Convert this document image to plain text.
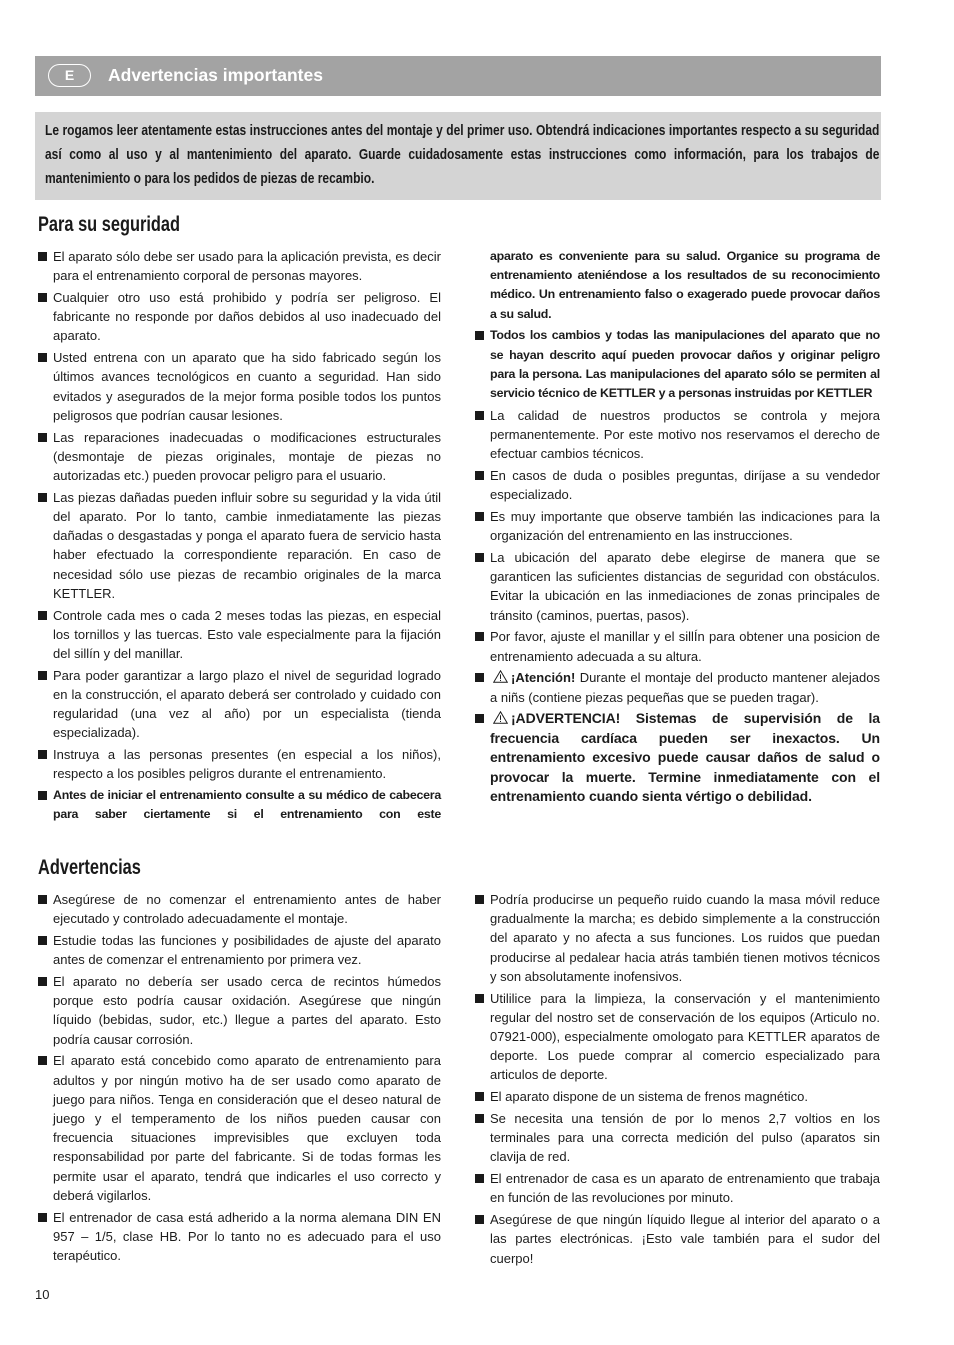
E	Advertencias importantes
Le rogamos leer atentamente estas instrucciones antes del montaje y del primer uso. Obtendrá indicaciones importantes respecto a su seguridad así como al uso y al mantenimiento del aparato. Guarde cuidadosamente estas instrucciones como información, para los trabajos de mantenimiento o para los pedidos de piezas de recambio.
Para su seguridad

El aparato sólo debe ser usado para la aplicación prevista, es decir para el entrenamiento corporal de personas mayores.

Cualquier otro uso está prohibido y podría ser peligroso. El fabricante no responde por daños debidos al uso inadecuado del aparato.

Usted entrena con un aparato que ha sido fabricado según los últimos avances tecnológicos en cuanto a seguridad. Han sido evitados y asegurados de la mejor forma posible todos los puntos peligrosos que podrían causar lesiones.

Las reparaciones inadecuadas o modificaciones estructurales (desmontaje de piezas originales, montaje de piezas no autorizadas etc.) pueden provocar peligro para el usuario.

Las piezas dañadas pueden influir sobre su seguridad y la vida útil del aparato. Por lo tanto, cambie inmediatamente las piezas dañadas o desgastadas y ponga el aparato fuera de servicio hasta haber efectuado la correspondiente reparación. En caso de necesidad sólo use piezas de recambio originales de la marca KETTLER.

Controle cada mes o cada 2 meses todas las piezas, en especial los tornillos y las tuercas. Esto vale especialmente para la fijación del sillín y del manillar.

Para poder garantizar a largo plazo el nivel de seguridad logrado en la construcción, el aparato deberá ser controlado y cuidado con regularidad (una vez al año) por un especialista (tienda especializada).

Instruya a las personas presentes (en especial a los niños), respecto a los posibles peligros durante el entrenamiento.

Antes de iniciar el entrenamiento consulte a su médico de cabecera para saber ciertamente si el entrenamiento con este

aparato es conveniente para su salud. Organice su programa de entrenamiento ateniéndose a los resultados de su reconocimiento médico. Un entrenamiento falso o exagerado puede provocar daños a su salud.

Todos los cambios y todas las manipulaciones del aparato que no se hayan descrito aquí pueden provocar daños y originar peligro para la persona. Las manipulaciones del aparato sólo se permiten al servicio técnico de KETTLER y a personas instruidas por KETTLER

La calidad de nuestros productos se controla y mejora permanentemente. Por este motivo nos reservamos el derecho de efectuar cambios técnicos.

En casos de duda o posibles preguntas, diríjase a su vendedor especializado.

Es muy importante que observe también las indicaciones para la organización del entrenamiento en las instrucciones.

La ubicación del aparato debe elegirse de manera que se garanticen las suficientes distancias de seguridad con obstáculos. Evitar la ubicación en las inmediaciones de zonas principales de tránsito (caminos, puertas, pasos).

Por favor, ajuste el manillar y el sillÍn para obtener una posicion de entrenamiento adecuada a su altura.

¡Atención! Durante el montaje del producto mantener alejados a niñs (contiene piezas pequeñas que se pueden tragar).

¡ADVERTENCIA! Sistemas de supervisión de la frecuencia cardíaca pueden ser inexactos. Un entrenamiento excesivo puede causar daños de salud o provocar la muerte. Termine inmediatamente con el entrenamiento cuando sienta vértigo o debilidad.

Advertencias

Asegúrese de no comenzar el entrenamiento antes de haber ejecutado y controlado adecuadamente el montaje.

Estudie todas las funciones y posibilidades de ajuste del aparato antes de comenzar el entrenamiento por primera vez.

El aparato no debería ser usado cerca de recintos húmedos porque esto podría causar oxidación. Asegúrese que ningún líquido (bebidas, sudor, etc.) llegue a partes del aparato. Esto podría causar corrosión.

El aparato está concebido como aparato de entrenamiento para adultos y por ningún motivo ha de ser usado como aparato de juego para niños. Tenga en consideración que el deseo natural de juego y el temperamento de los niños pueden causar con frecuencia situaciones imprevisibles que excluyen toda responsabilidad por parte del fabricante. Si de todas formas les permite usar el aparato, tendrá que indicarles el uso correcto y deberá vigilarlos.

El entrenador de casa está adherido a la norma alemana DIN EN 957 – 1/5, clase HB. Por lo tanto no es adecuado para el uso terapéutico.

Podría producirse un pequeño ruido cuando la masa móvil reduce gradualmente la marcha; es debido simplemente a la construcción del aparato y no afecta a sus funciones. Los ruidos que puedan producirse al pedalear hacia atrás también tienen motivos técnicos y son absolutamente inofensivos.

Utililice para la limpieza, la conservación y el mantenimiento regular del nostro set de conservación de los equipos (Articulo no. 07921-000), especialmente omologato para KETTLER aparatos de deporte. Los puede comprar al comercio especializado para articulos de deporte.

El aparato dispone de un sistema de frenos magnético.

Se necesita una tensión de por lo menos 2,7 voltios en los terminales para una correcta medición del pulso (aparatos sin clavija de red.

El entrenador de casa es un aparato de entrenamiento que trabaja en función de las revoluciones por minuto.

Asegúrese de que ningún líquido llegue al interior del aparato o a las partes electrónicas. ¡Esto vale también para el sudor del cuerpo!

10
